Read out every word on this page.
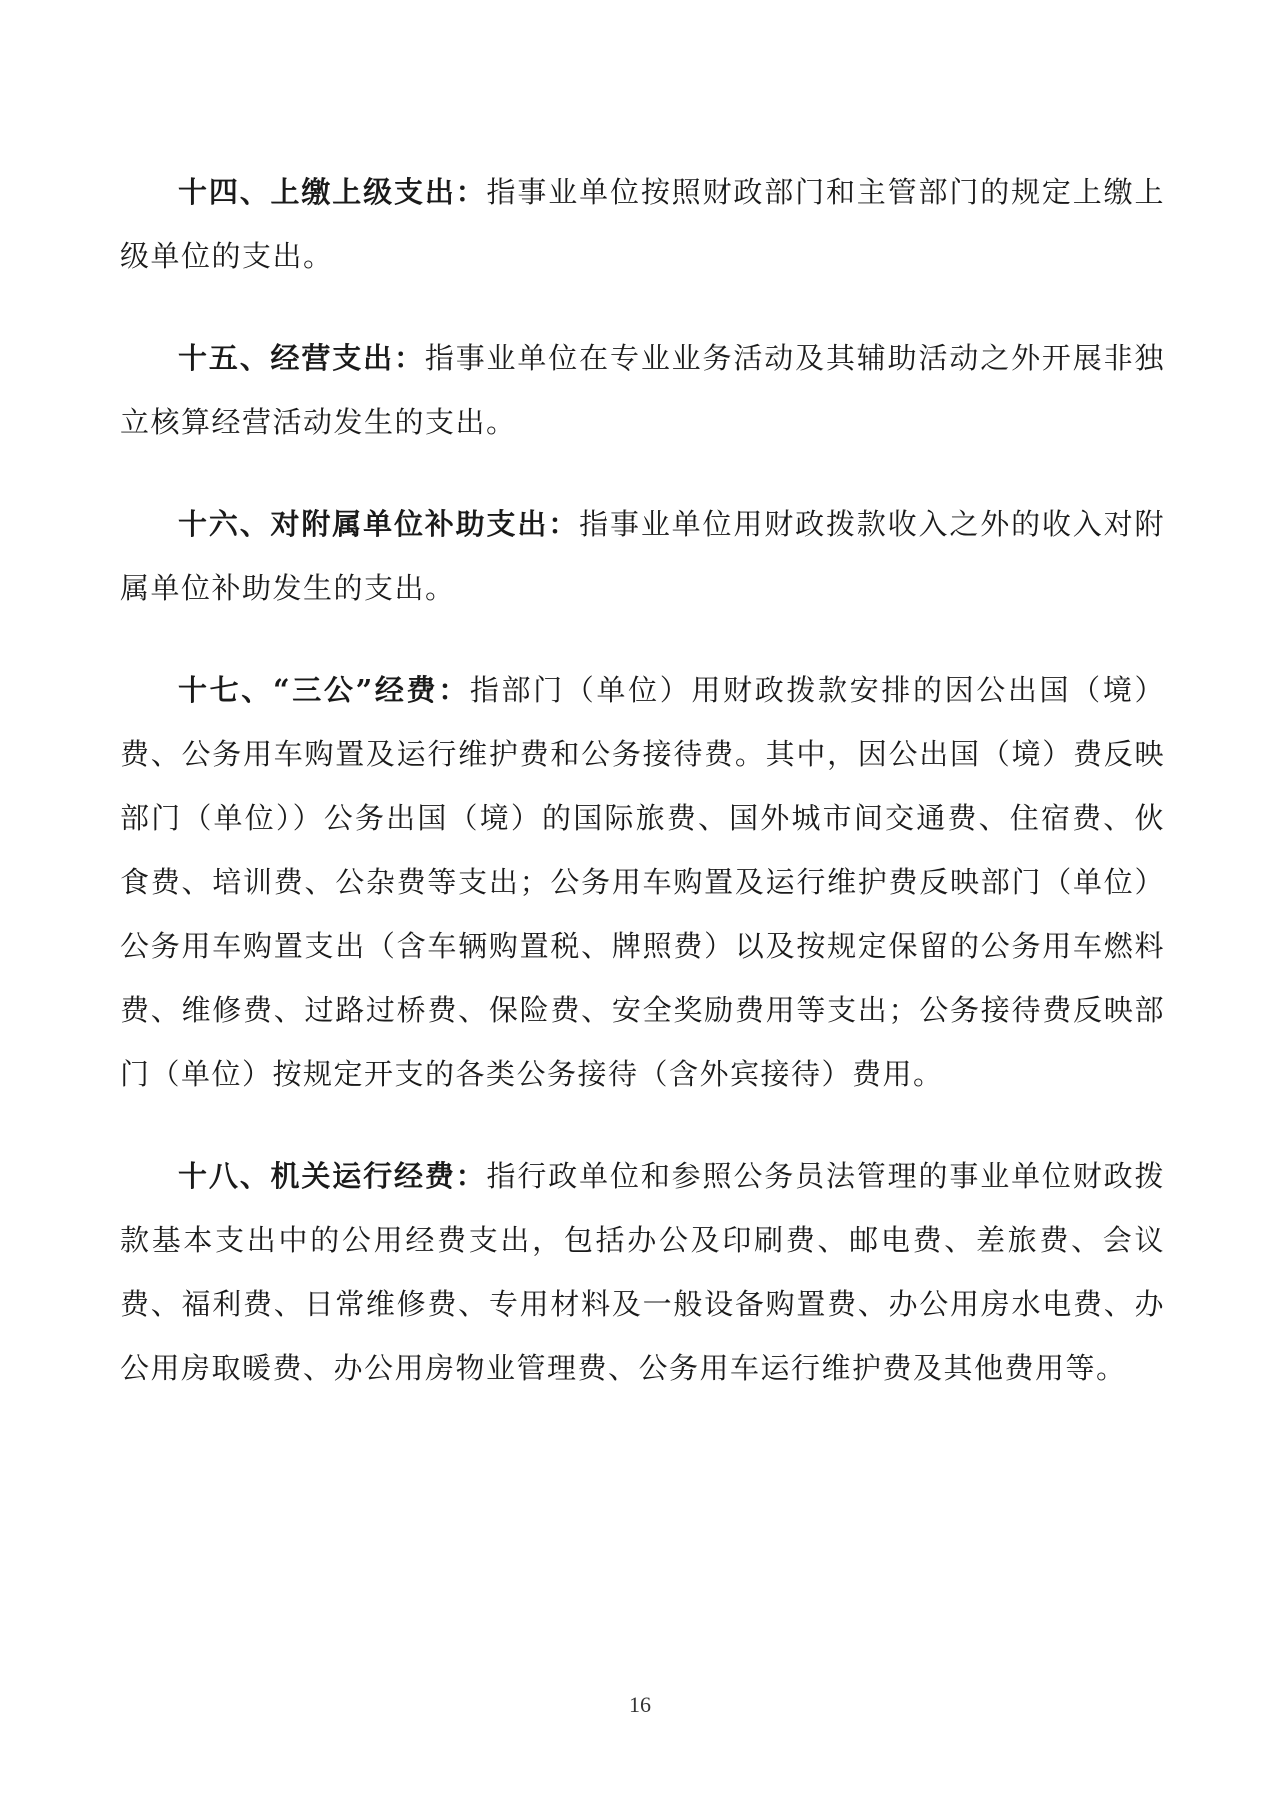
十四、上缴上级支出：指事业单位按照财政部门和主管部门的规定上缴上级单位的支出。

十五、经营支出：指事业单位在专业业务活动及其辅助活动之外开展非独立核算经营活动发生的支出。

十六、对附属单位补助支出：指事业单位用财政拨款收入之外的收入对附属单位补助发生的支出。

十七、“三公”经费：指部门（单位）用财政拨款安排的因公出国（境）费、公务用车购置及运行维护费和公务接待费。其中，因公出国（境）费反映部门（单位））公务出国（境）的国际旅费、国外城市间交通费、住宿费、伙食费、培训费、公杂费等支出；公务用车购置及运行维护费反映部门（单位）公务用车购置支出（含车辆购置税、牌照费）以及按规定保留的公务用车燃料费、维修费、过路过桥费、保险费、安全奖励费用等支出；公务接待费反映部门（单位）按规定开支的各类公务接待（含外宾接待）费用。

十八、机关运行经费：指行政单位和参照公务员法管理的事业单位财政拨款基本支出中的公用经费支出，包括办公及印刷费、邮电费、差旅费、会议费、福利费、日常维修费、专用材料及一般设备购置费、办公用房水电费、办公用房取暖费、办公用房物业管理费、公务用车运行维护费及其他费用等。

16
